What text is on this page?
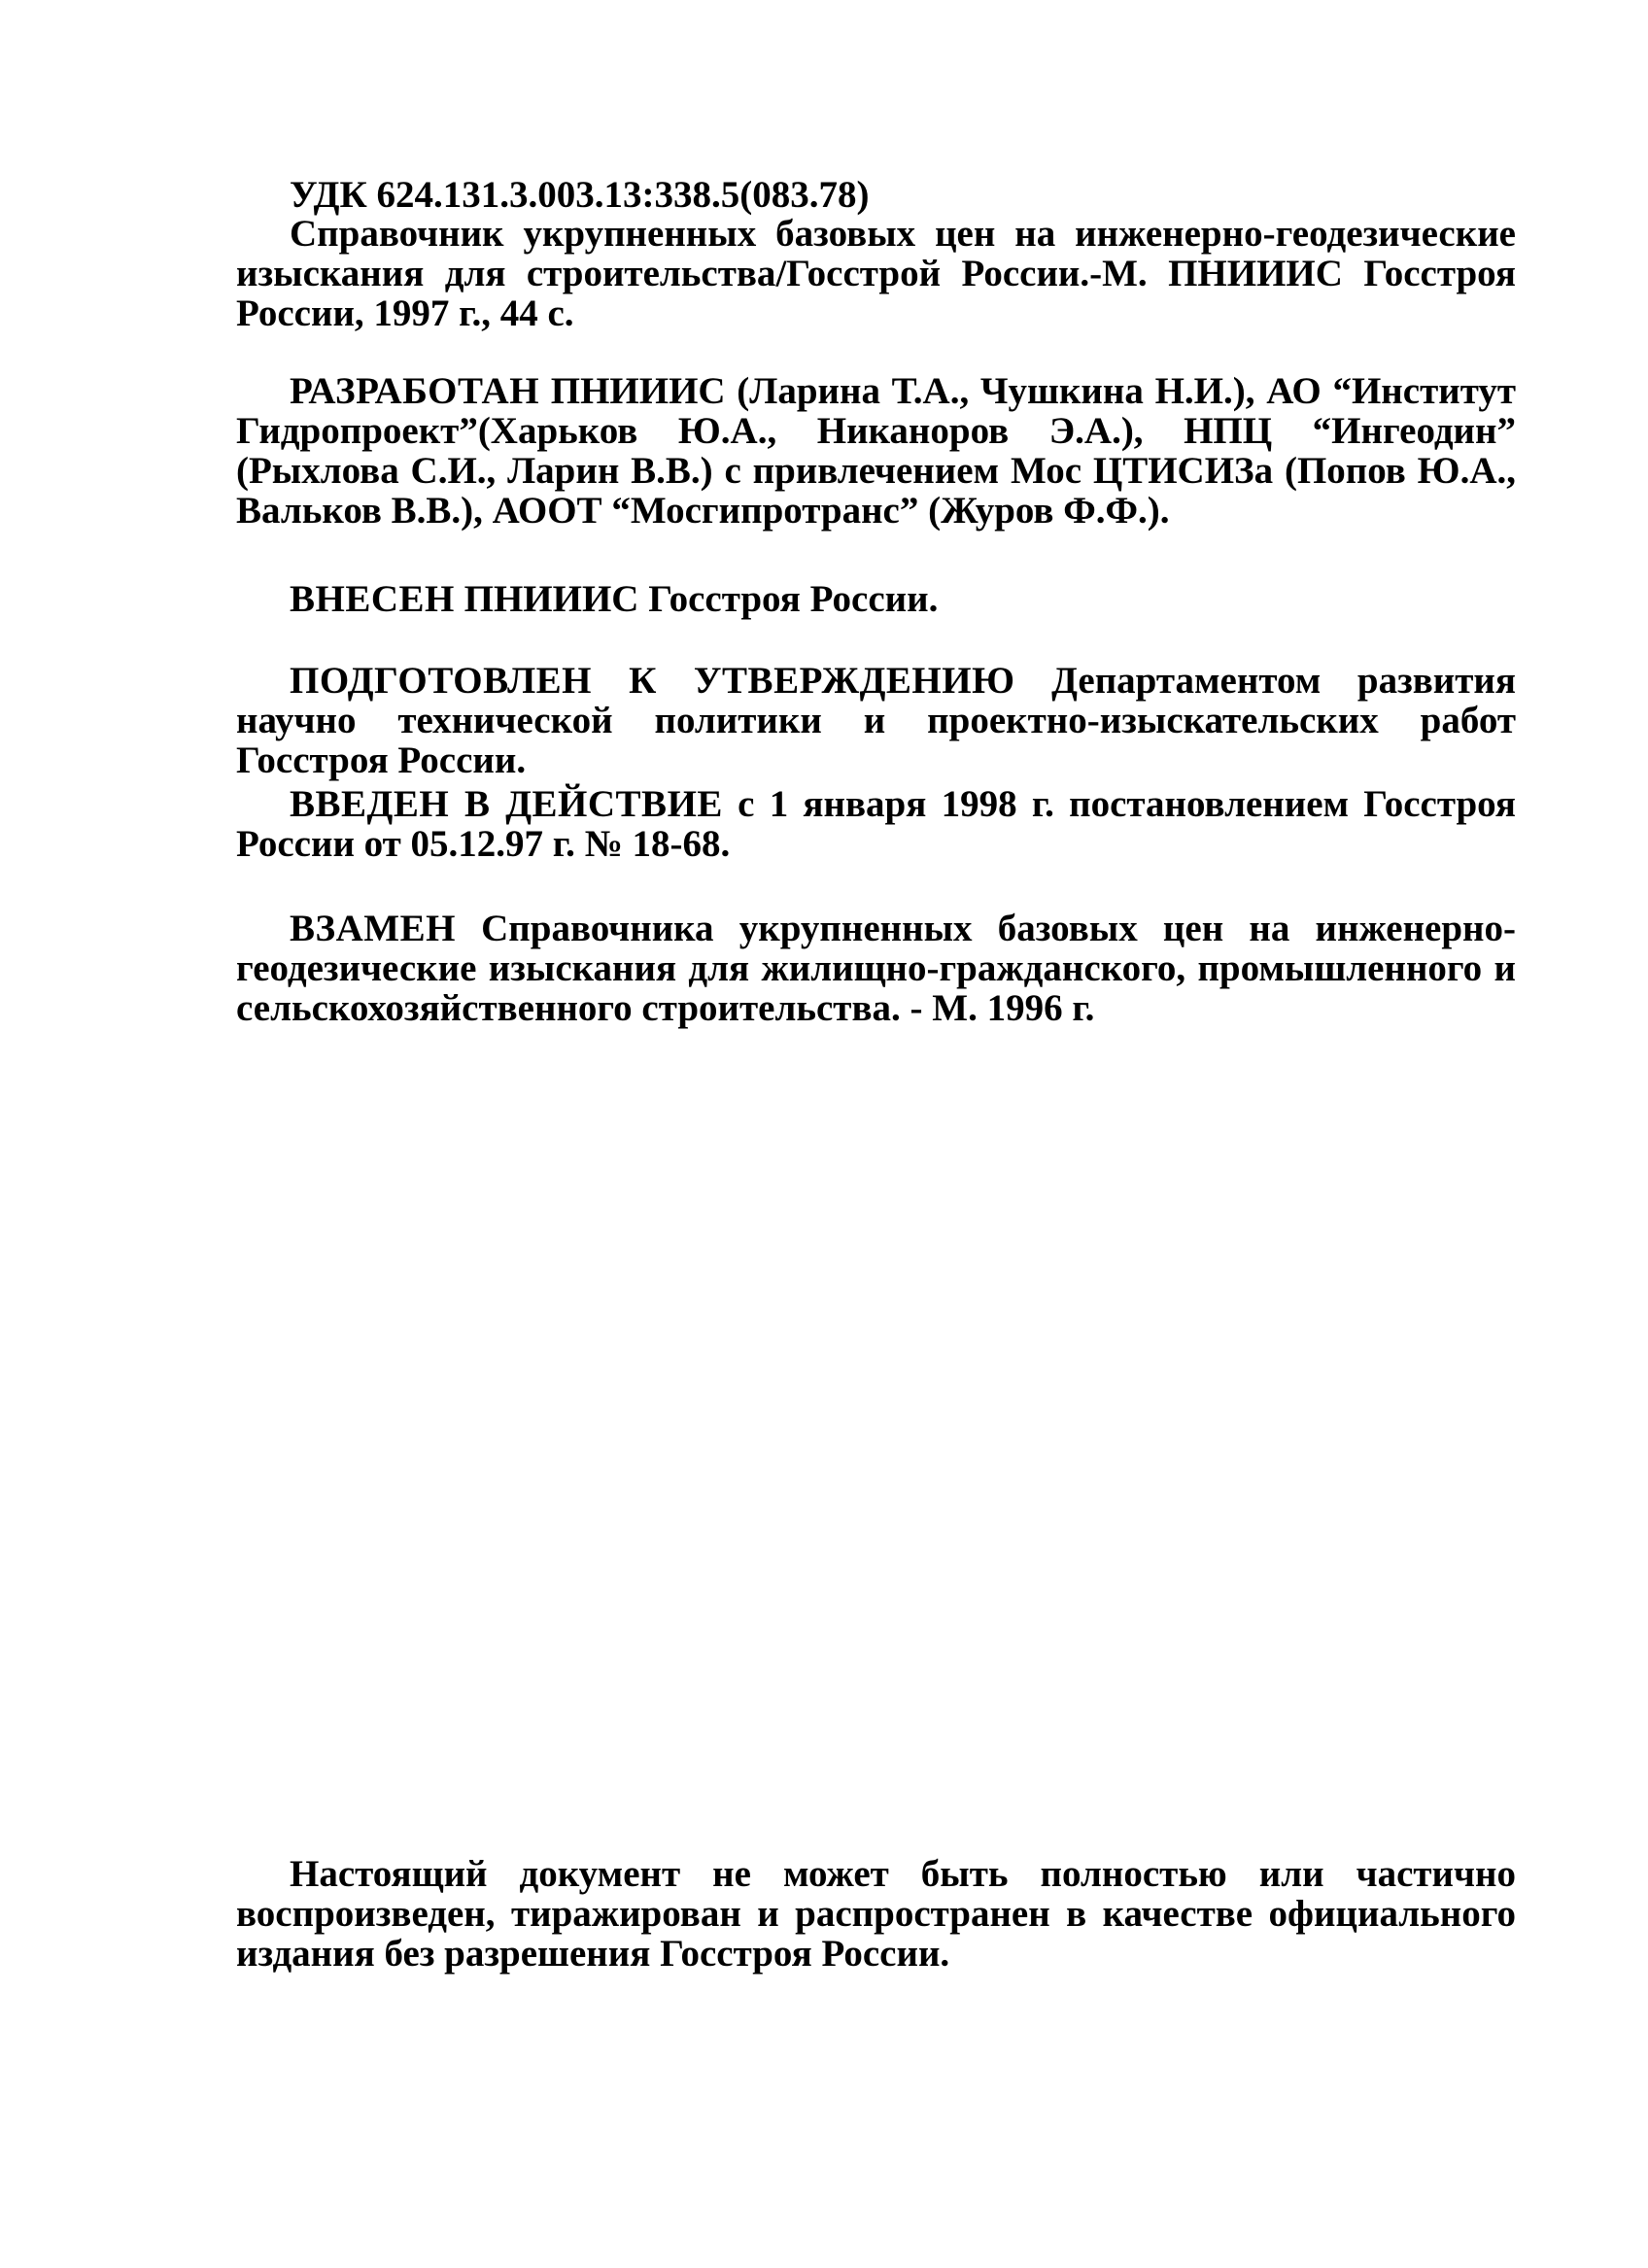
УДК 624.131.3.003.13:338.5(083.78)
Справочник укрупненных базовых цен на инженерно-геодезические изыскания для строительства/Госстрой России.-М. ПНИИИС Госстроя России, 1997 г., 44 с.
РАЗРАБОТАН ПНИИИС (Ларина Т.А., Чушкина Н.И.), АО “Институт Гидропроект”(Харьков Ю.А., Никаноров Э.А.), НПЦ “Ингеодин” (Рыхлова С.И., Ларин В.В.) с привлечением Мос ЦТИСИЗа (Попов Ю.А., Вальков В.В.), АООТ “Мосгипротранс” (Журов Ф.Ф.).
ВНЕСЕН ПНИИИС Госстроя России.
ПОДГОТОВЛЕН К УТВЕРЖДЕНИЮ Департаментом развития научно технической политики и проектно-изыскательских работ Госстроя России.
ВВЕДЕН В ДЕЙСТВИЕ с 1 января 1998 г. постановлением Госстроя России от 05.12.97 г. № 18-68.
ВЗАМЕН Справочника укрупненных базовых цен на инженерно-геодезические изыскания для жилищно-гражданского, промышленного и сельскохозяйственного строительства. - М. 1996 г.
Настоящий документ не может быть полностью или частично воспроизведен, тиражирован и распространен в качестве официального издания без разрешения Госстроя России.
